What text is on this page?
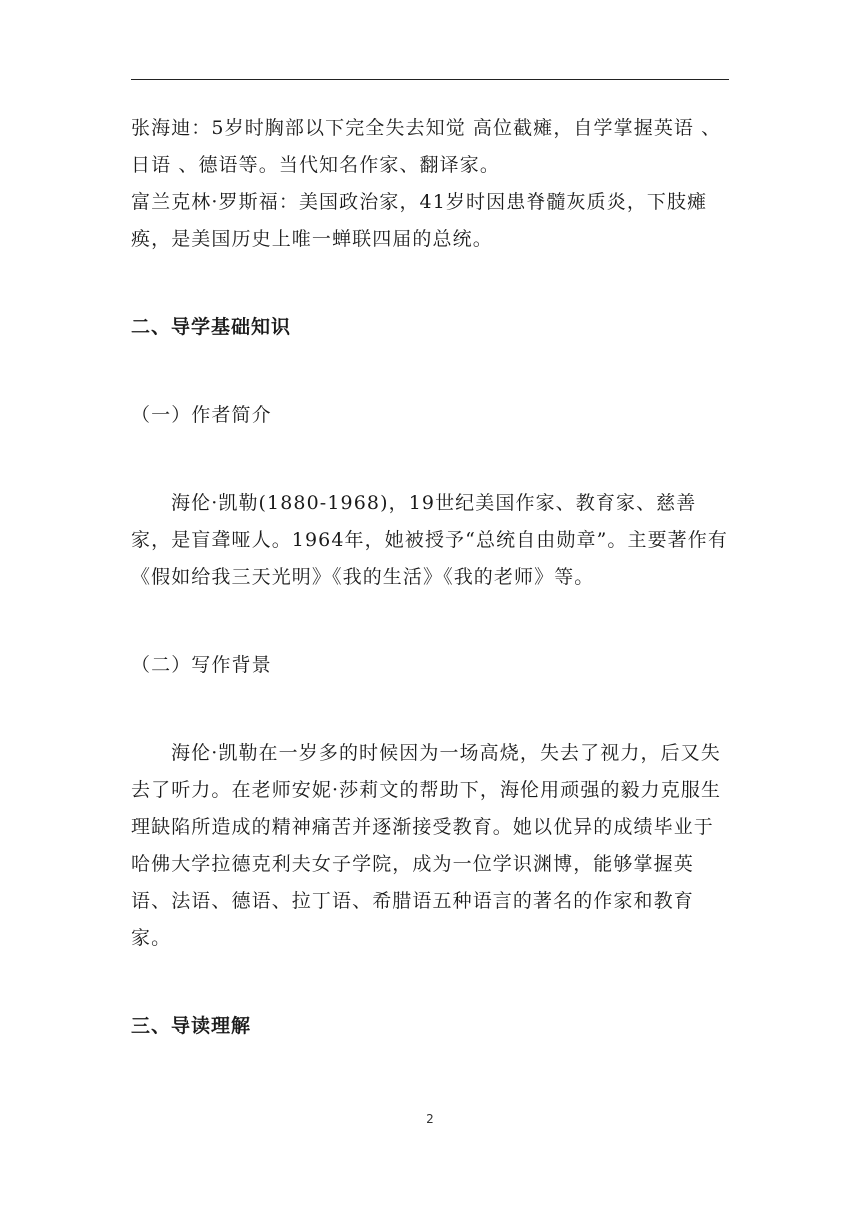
张海迪：5岁时胸部以下完全失去知觉 高位截瘫，自学掌握英语 、日语 、德语等。当代知名作家、翻译家。

富兰克林·罗斯福：美国政治家，41岁时因患脊髓灰质炎，下肢瘫痪，是美国历史上唯一蝉联四届的总统。

二、导学基础知识

（一）作者简介

海伦·凯勒(1880-1968)，19世纪美国作家、教育家、慈善家，是盲聋哑人。1964年，她被授予“总统自由勋章”。主要著作有《假如给我三天光明》《我的生活》《我的老师》等。

（二）写作背景

海伦·凯勒在一岁多的时候因为一场高烧，失去了视力，后又失去了听力。在老师安妮·莎莉文的帮助下，海伦用顽强的毅力克服生理缺陷所造成的精神痛苦并逐渐接受教育。她以优异的成绩毕业于哈佛大学拉德克利夫女子学院，成为一位学识渊博，能够掌握英语、法语、德语、拉丁语、希腊语五种语言的著名的作家和教育家。

三、导读理解

2
